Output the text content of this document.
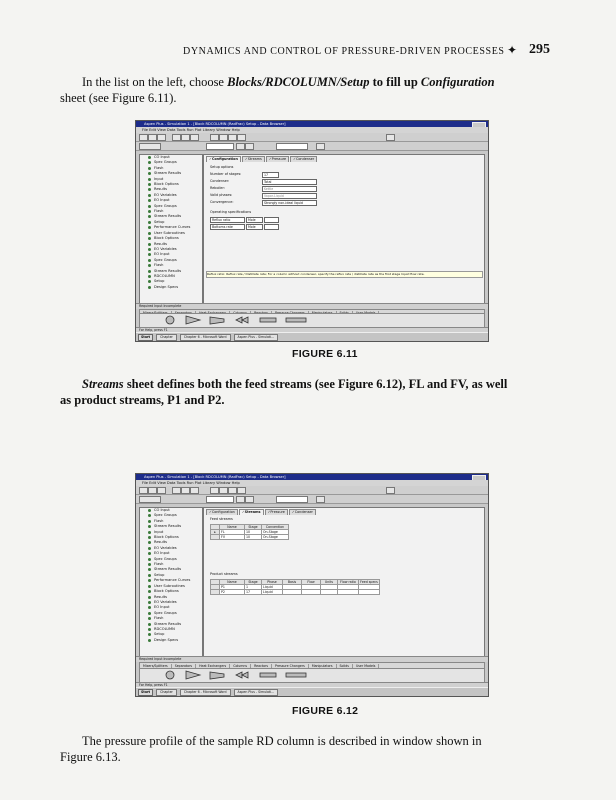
DYNAMICS AND CONTROL OF PRESSURE-DRIVEN PROCESSES ✦ 295
In the list on the left, choose Blocks/RDCOLUMN/Setup to fill up Configuration
sheet (see Figure 6.11).
Aspen Plus - Simulation 1 - [Block RDCOLUMN (RadFrac) Setup - Data Browser]
File Edit View Data Tools Run Plot Library Window Help
CO Input
Spec Groups
Flash
Stream Results
Input
Block Options
Results
EO Variables
EO Input
Spec Groups
Flash
Stream Results
Setup
Performance Curves
User Subroutines
Block Options
Results
EO Variables
EO Input
Spec Groups
Flash
Stream Results
RDCOLUMN
Setup
Design Specs
✓Configuration ✓Streams ✓Pressure ✓Condenser
Setup options
Number of stages:	17
Condenser:	Total
Reboiler:	Kettle
Valid phases:	Vapor-Liquid
Convergence:	Strongly non-ideal liquid
Operating specifications
Reflux ratio	Mole
Bottoms rate	Mole
Reflux ratio: Reflux rate / Distillate rate; For a column without condenser, specify the reflux rate / distillate rate as the first stage liquid flow rate.
Required Input Incomplete
For Help, press F1
Start	Chapter	Chapter 6 - Microsoft Word	Aspen Plus - Simulati...
FIGURE 6.11
Streams sheet defines both the feed streams (see Figure 6.12), FL and FV, as well
as product streams, P1 and P2.
Aspen Plus - Simulation 1 - [Block RDCOLUMN (RadFrac) Setup - Data Browser]
File Edit View Data Tools Run Plot Library Window Help
CO Input
Spec Groups
Flash
Stream Results
Input
Block Options
Results
EO Variables
EO Input
Spec Groups
Flash
Stream Results
Setup
Performance Curves
User Subroutines
Block Options
Results
EO Variables
EO Input
Spec Groups
Flash
Stream Results
RDCOLUMN
Setup
Design Specs
✓Configuration ✓Streams ✓Pressure ✓Condenser
Feed streams
	Name	Stage	Convention
▸	FL	10	On-Stage
	FV	10	On-Stage
Product streams
	Name	Stage	Phase	Basis	Flow	Units	Flow ratio	Feed specs
	P1	1	Liquid					
	P2	17	Liquid					
Required Input Incomplete
Mixers/Splitters Separators Heat Exchangers Columns Reactors Pressure Changers Manipulators Solids User Models
For Help, press F1
Start	Chapter	Chapter 6 - Microsoft Word	Aspen Plus - Simulati...
FIGURE 6.12
The pressure profile of the sample RD column is described in window shown in
Figure 6.13.
